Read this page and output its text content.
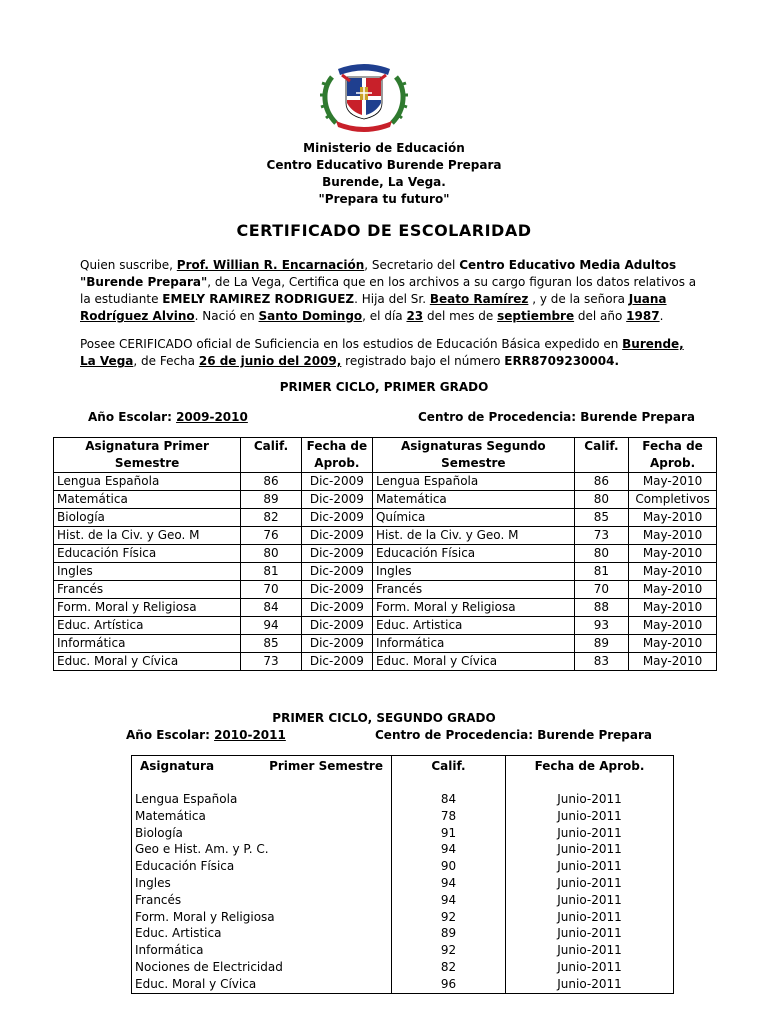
Ministerio de Educación
Centro Educativo Burende Prepara
Burende, La Vega.
"Prepara tu futuro"
CERTIFICADO DE ESCOLARIDAD
Quien suscribe, Prof. Willian R. Encarnación, Secretario del Centro Educativo Media Adultos "Burende Prepara", de La Vega, Certifica que en los archivos a su cargo figuran los datos relativos a la estudiante EMELY RAMIREZ RODRIGUEZ. Hija del Sr. Beato Ramírez , y de la señora Juana Rodríguez Alvino. Nació en Santo Domingo, el día 23 del mes de septiembre del año 1987.
Posee CERIFICADO oficial de Suficiencia en los estudios de Educación Básica expedido en Burende, La Vega, de Fecha 26 de junio del 2009, registrado bajo el número ERR8709230004.
PRIMER CICLO, PRIMER GRADO
Año Escolar: 2009-2010	Centro de Procedencia: Burende Prepara
Asignatura Primer Semestre	Calif.	Fecha de Aprob.	Asignaturas Segundo Semestre	Calif.	Fecha de Aprob.
Lengua Española	86	Dic-2009	Lengua Española	86	May-2010
Matemática	89	Dic-2009	Matemática	80	Completivos
Biología	82	Dic-2009	Química	85	May-2010
Hist. de la Civ. y Geo. M	76	Dic-2009	Hist. de la Civ. y Geo. M	73	May-2010
Educación Física	80	Dic-2009	Educación Física	80	May-2010
Ingles	81	Dic-2009	Ingles	81	May-2010
Francés	70	Dic-2009	Francés	70	May-2010
Form. Moral y Religiosa	84	Dic-2009	Form. Moral y Religiosa	88	May-2010
Educ. Artística	94	Dic-2009	Educ. Artistica	93	May-2010
Informática	85	Dic-2009	Informática	89	May-2010
Educ. Moral y Cívica	73	Dic-2009	Educ. Moral y Cívica	83	May-2010
PRIMER CICLO, SEGUNDO GRADO
Año Escolar: 2010-2011	Centro de Procedencia: Burende Prepara
Asignatura Primer Semestre	Calif.	Fecha de Aprob.

Lengua Española	84	Junio-2011
Matemática	78	Junio-2011
Biología	91	Junio-2011
Geo e Hist. Am. y P. C.	94	Junio-2011
Educación Física	90	Junio-2011
Ingles	94	Junio-2011
Francés	94	Junio-2011
Form. Moral y Religiosa	92	Junio-2011
Educ. Artistica	89	Junio-2011
Informática	92	Junio-2011
Nociones de Electricidad	82	Junio-2011
Educ. Moral y Cívica	96	Junio-2011
